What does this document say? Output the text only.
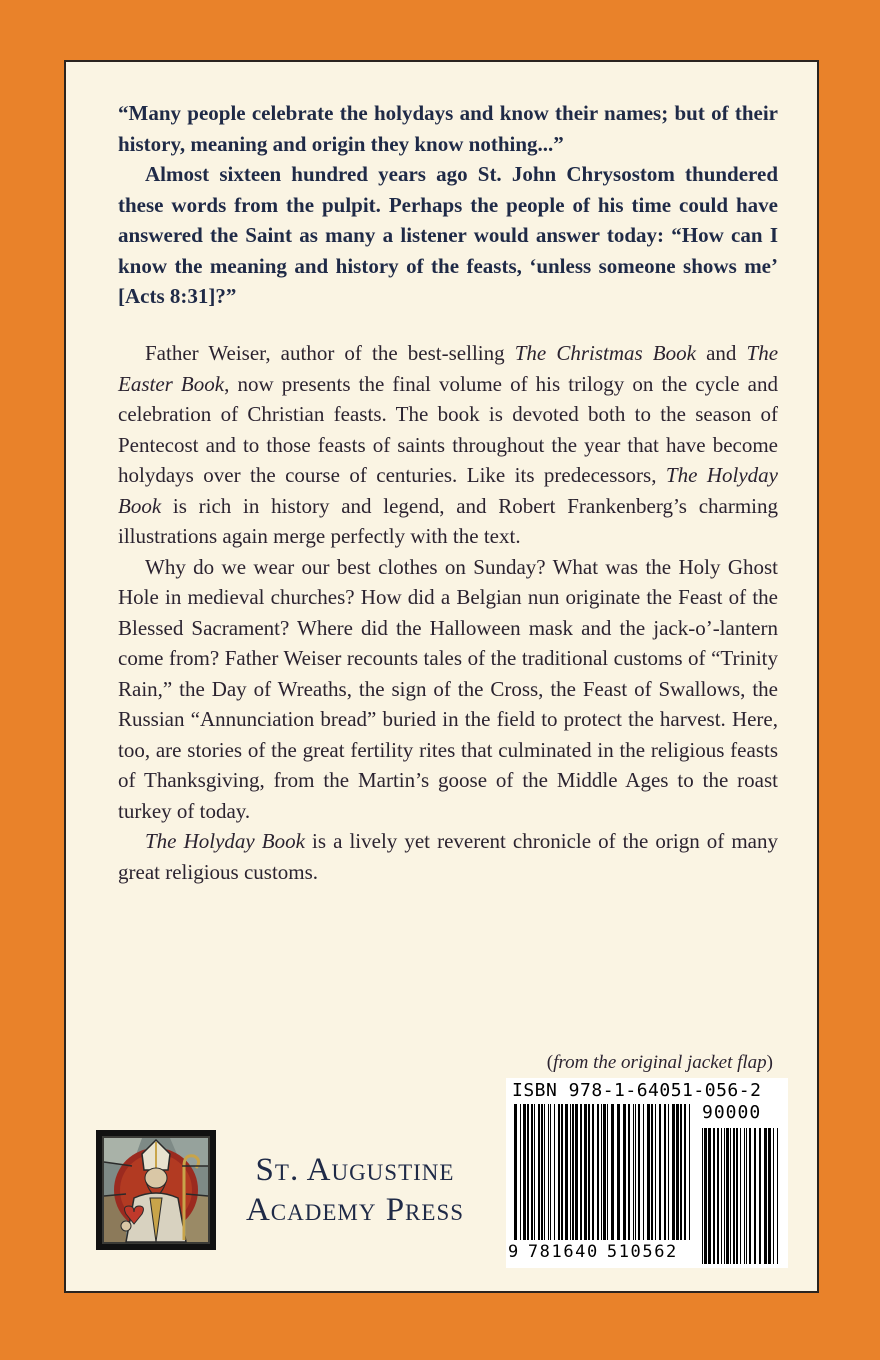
“Many people celebrate the holydays and know their names; but of their history, meaning and origin they know nothing...”

Almost sixteen hundred years ago St. John Chrysostom thundered these words from the pulpit. Perhaps the people of his time could have answered the Saint as many a listener would answer today: “How can I know the meaning and history of the feasts, ‘unless someone shows me’ [Acts 8:31]?”

Father Weiser, author of the best-selling The Christmas Book and The Easter Book, now presents the final volume of his trilogy on the cycle and celebration of Christian feasts. The book is devoted both to the season of Pentecost and to those feasts of saints throughout the year that have become holydays over the course of centuries. Like its predecessors, The Holyday Book is rich in history and legend, and Robert Frankenberg’s charming illustrations again merge perfectly with the text.

Why do we wear our best clothes on Sunday? What was the Holy Ghost Hole in medieval churches? How did a Belgian nun originate the Feast of the Blessed Sacrament? Where did the Halloween mask and the jack-o’-lantern come from? Father Weiser recounts tales of the traditional customs of “Trinity Rain,” the Day of Wreaths, the sign of the Cross, the Feast of Swallows, the Russian “Annunciation bread” buried in the field to protect the harvest. Here, too, are stories of the great fertility rites that culminated in the religious feasts of Thanksgiving, from the Martin’s goose of the Middle Ages to the roast turkey of today.

The Holyday Book is a lively yet reverent chronicle of the orign of many great religious customs.

(from the original jacket flap)
St. Augustine
Academy Press
ISBN 978-1-64051-056-2
90000
9 781640 510562
